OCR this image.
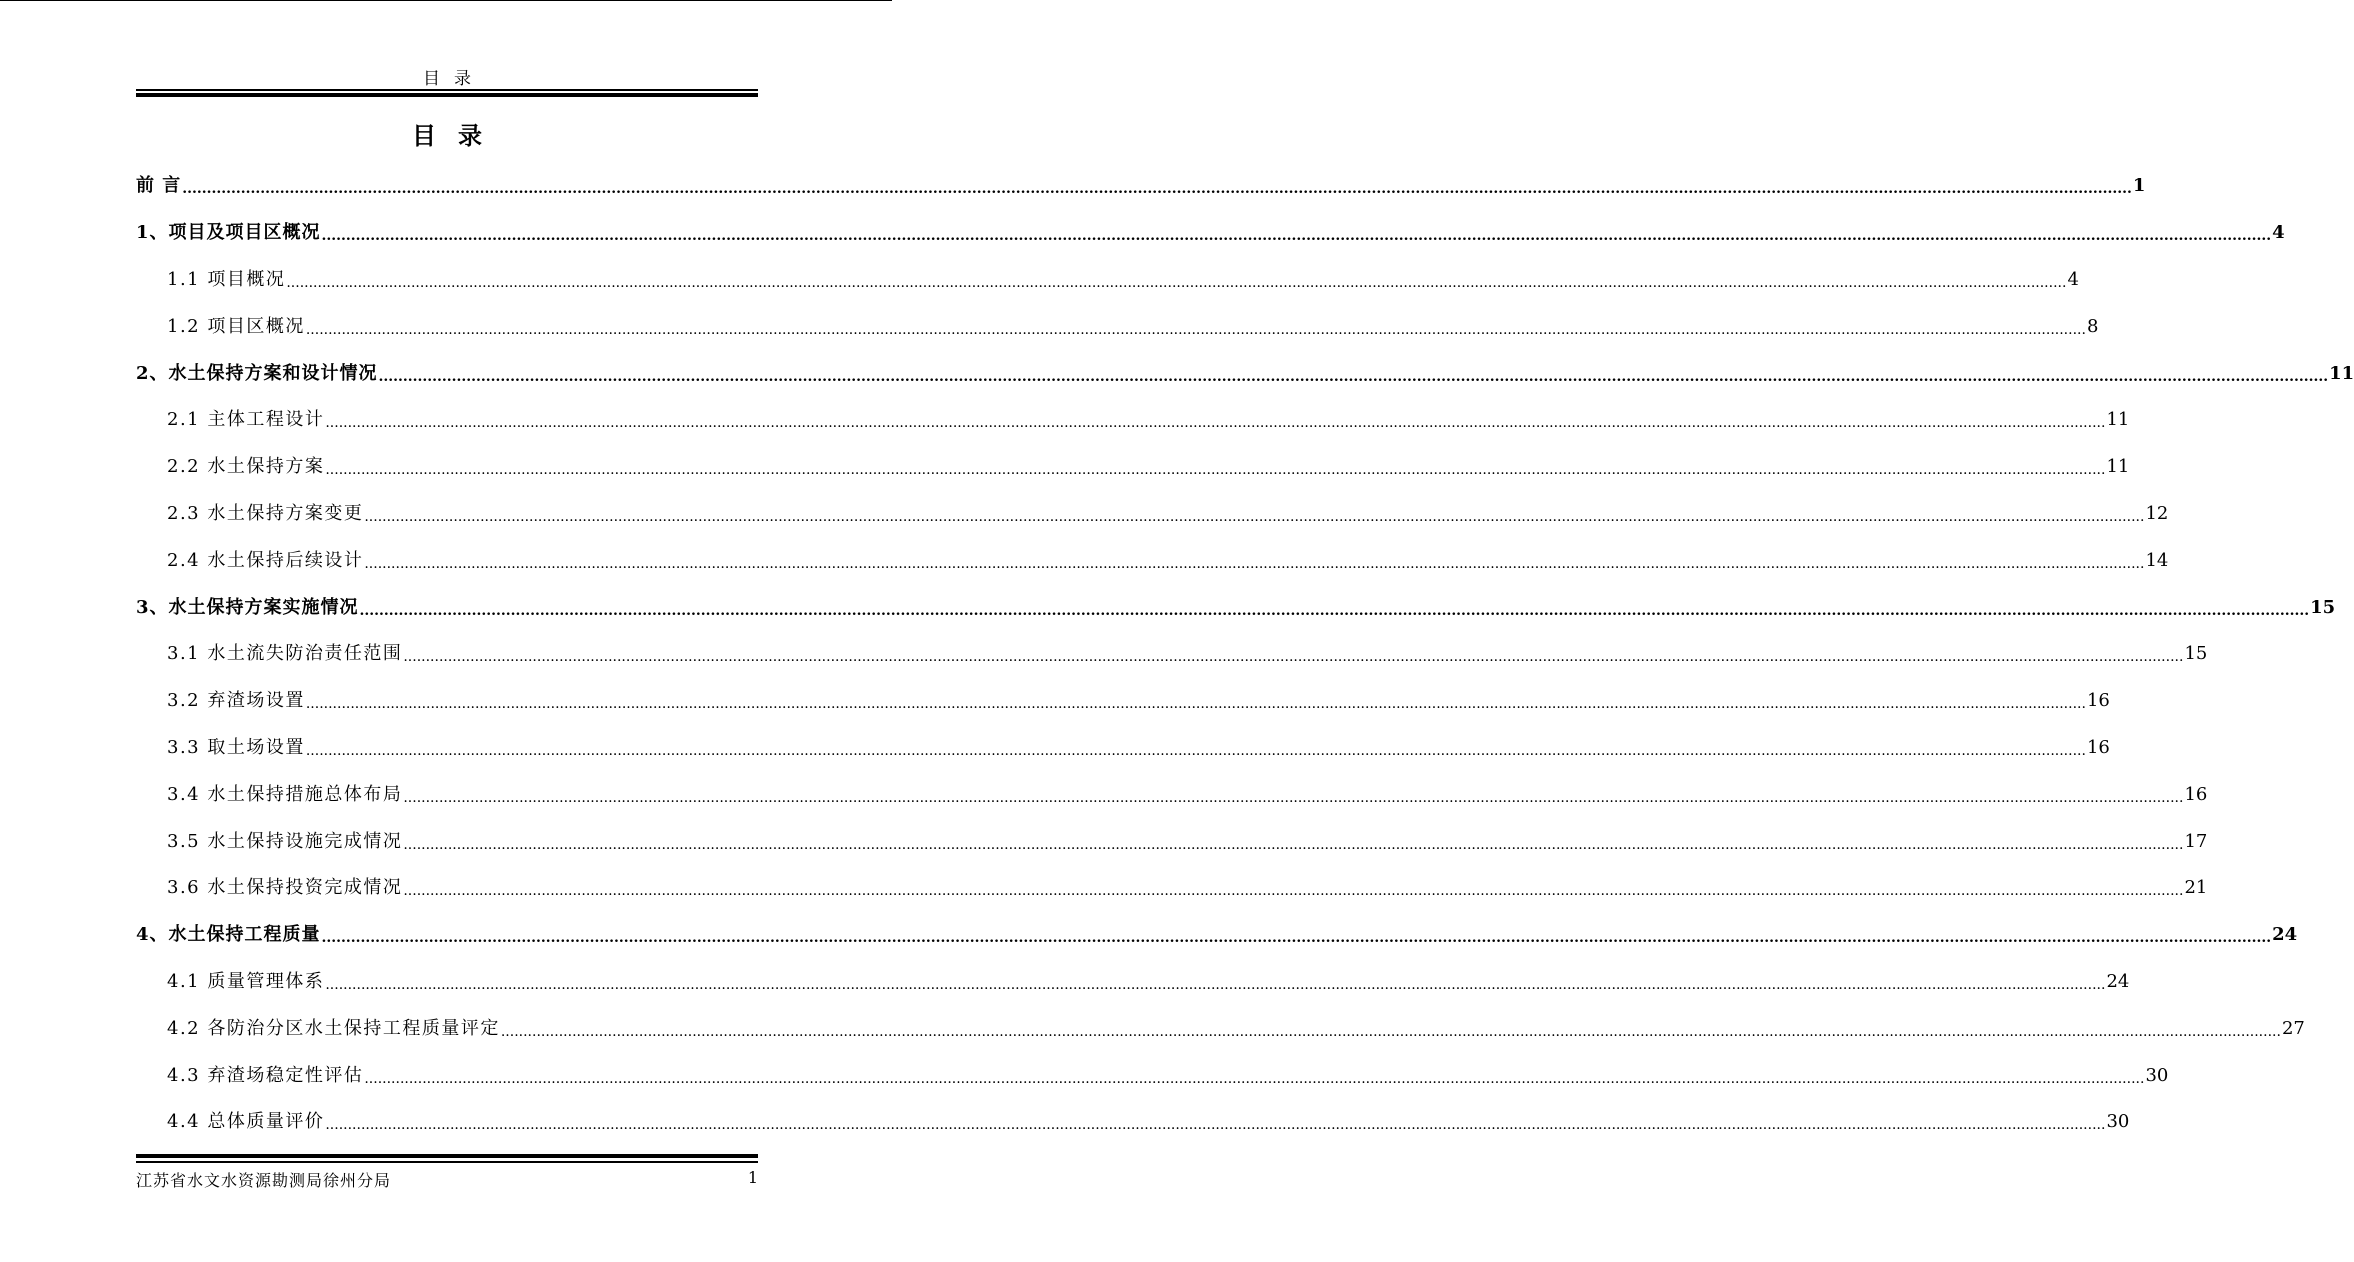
目录
目录
前 言 ................................................................................................................................................................................................................................................................................................................................................................................................................ 1
1、项目及项目区概况 ................................................................................................................................................................................................................................................................................................................................................................................................................ 4
1.1 项目概况 ................................................................................................................................................................................................................................................................................................................................................................................................................ 4
1.2 项目区概况 ................................................................................................................................................................................................................................................................................................................................................................................................................ 8
2、水土保持方案和设计情况 ................................................................................................................................................................................................................................................................................................................................................................................................................ 11
2.1 主体工程设计 ................................................................................................................................................................................................................................................................................................................................................................................................................ 11
2.2 水土保持方案 ................................................................................................................................................................................................................................................................................................................................................................................................................ 11
2.3 水土保持方案变更 ................................................................................................................................................................................................................................................................................................................................................................................................................ 12
2.4 水土保持后续设计 ................................................................................................................................................................................................................................................................................................................................................................................................................ 14
3、水土保持方案实施情况 ................................................................................................................................................................................................................................................................................................................................................................................................................ 15
3.1 水土流失防治责任范围 ................................................................................................................................................................................................................................................................................................................................................................................................................ 15
3.2 弃渣场设置 ................................................................................................................................................................................................................................................................................................................................................................................................................ 16
3.3 取土场设置 ................................................................................................................................................................................................................................................................................................................................................................................................................ 16
3.4 水土保持措施总体布局 ................................................................................................................................................................................................................................................................................................................................................................................................................ 16
3.5 水土保持设施完成情况 ................................................................................................................................................................................................................................................................................................................................................................................................................ 17
3.6 水土保持投资完成情况 ................................................................................................................................................................................................................................................................................................................................................................................................................ 21
4、水土保持工程质量 ................................................................................................................................................................................................................................................................................................................................................................................................................ 24
4.1 质量管理体系 ................................................................................................................................................................................................................................................................................................................................................................................................................ 24
4.2 各防治分区水土保持工程质量评定 ................................................................................................................................................................................................................................................................................................................................................................................................................ 27
4.3 弃渣场稳定性评估 ................................................................................................................................................................................................................................................................................................................................................................................................................ 30
4.4 总体质量评价 ................................................................................................................................................................................................................................................................................................................................................................................................................ 30
江苏省水文水资源勘测局徐州分局	1
